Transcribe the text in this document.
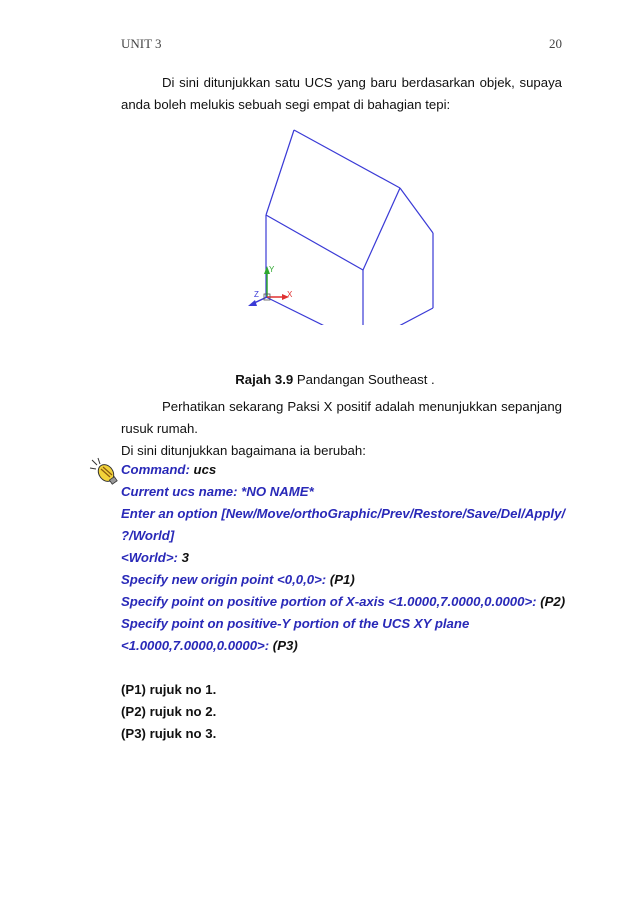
UNIT 3	20
Di sini ditunjukkan satu UCS yang baru berdasarkan objek, supaya
anda boleh melukis sebuah segi empat di bahagian tepi:
Y
X
Z
Rajah 3.9 Pandangan Southeast .
Perhatikan sekarang Paksi X positif adalah menunjukkan sepanjang
rusuk rumah.
Di sini ditunjukkan bagaimana ia berubah:
Command: ucs
Current ucs name: *NO NAME*
Enter an option [New/Move/orthoGraphic/Prev/Restore/Save/Del/Apply/
?/World]
<World>: 3
Specify new origin point <0,0,0>: (P1)
Specify point on positive portion of X-axis <1.0000,7.0000,0.0000>: (P2)
Specify point on positive-Y portion of the UCS XY plane
<1.0000,7.0000,0.0000>: (P3)
(P1) rujuk no 1.
(P2) rujuk no 2.
(P3) rujuk no 3.
